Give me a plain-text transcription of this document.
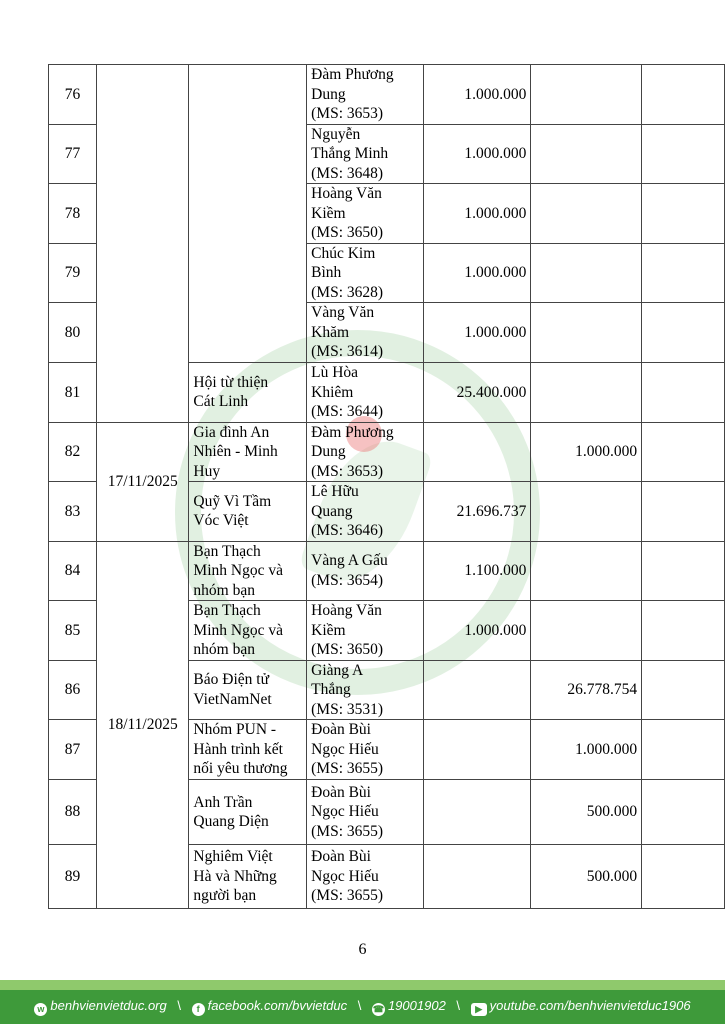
76			Đàm Phương
Dung
(MS: 3653)	1.000.000		
77			Nguyễn
Thắng Minh
(MS: 3648)	1.000.000		
78			Hoàng Văn
Kiềm
(MS: 3650)	1.000.000		
79			Chúc Kim
Bình
(MS: 3628)	1.000.000		
80			Vàng Văn
Khăm
(MS: 3614)	1.000.000		
81		Hội từ thiện
Cát Linh	Lù Hòa
Khiêm
(MS: 3644)	25.400.000		
82	17/11/2025	Gia đình An
Nhiên - Minh
Huy	Đàm Phương
Dung
(MS: 3653)		1.000.000	
83		Quỹ Vì Tầm
Vóc Việt	Lê Hữu
Quang
(MS: 3646)	21.696.737		
84	18/11/2025	Bạn Thạch
Minh Ngọc và
nhóm bạn	Vàng A Gấu
(MS: 3654)	1.100.000		
85		Bạn Thạch
Minh Ngọc và
nhóm bạn	Hoàng Văn
Kiềm
(MS: 3650)	1.000.000		
86		Báo Điện tử
VietNamNet	Giàng A
Thắng
(MS: 3531)		26.778.754	
87		Nhóm PUN -
Hành trình kết
nối yêu thương	Đoàn Bùi
Ngọc Hiếu
(MS: 3655)		1.000.000	
88		Anh Trần
Quang Diện	Đoàn Bùi
Ngọc Hiếu
(MS: 3655)		500.000	
89		Nghiêm Việt
Hà và Những
người bạn	Đoàn Bùi
Ngọc Hiếu
(MS: 3655)		500.000	
6
w benhvienvietduc.org \ f facebook.com/bvvietduc \ ☎ 19001902 \ ▶ youtube.com/benhvienvietduc1906
